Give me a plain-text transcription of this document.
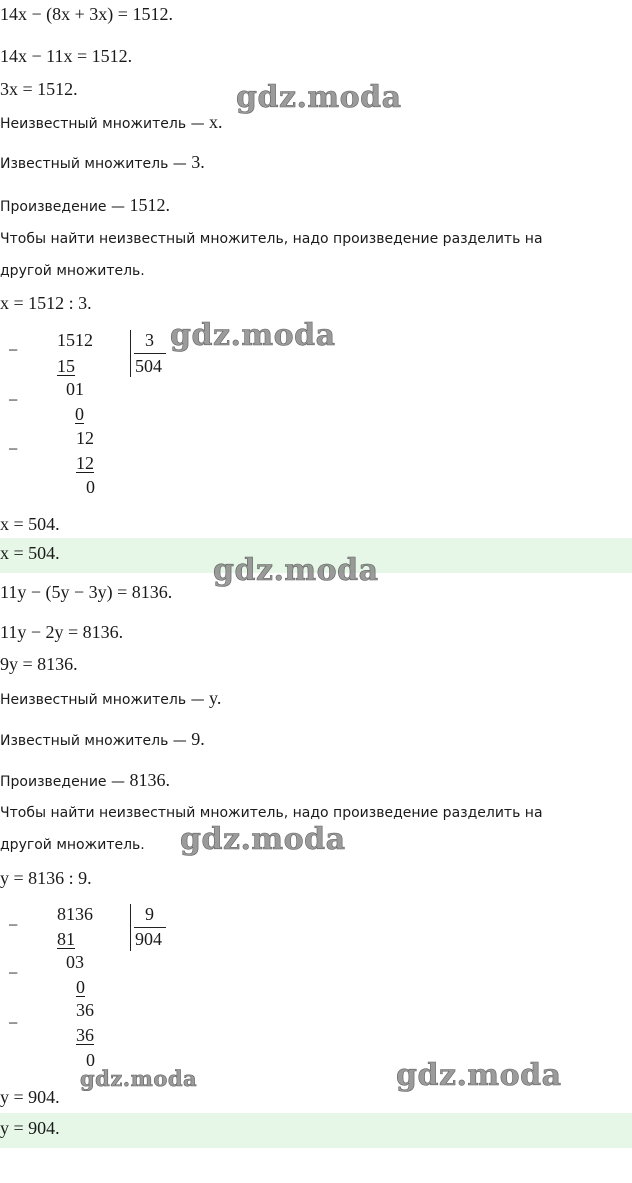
14x − (8x + 3x) = 1512.
14x − 11x = 1512.
3x = 1512.
Неизвестный множитель — x.
Известный множитель — 3.
Произведение — 1512.
Чтобы найти неизвестный множитель, надо произведение разделить на
другой множитель.
x = 1512 : 3.
− 1512
15
3
504
−
01
0
−
12
12
0
x = 504.
x = 504.
11y − (5y − 3y) = 8136.
11y − 2y = 8136.
9y = 8136.
Неизвестный множитель — y.
Известный множитель — 9.
Произведение — 8136.
Чтобы найти неизвестный множитель, надо произведение разделить на
другой множитель.
y = 8136 : 9.
−
8136
81
9
904
−
03
0
−
36
36
0
y = 904.
y = 904.
gdz.moda
gdz.moda
gdz.moda
gdz.moda
gdz.moda	gdz.moda
